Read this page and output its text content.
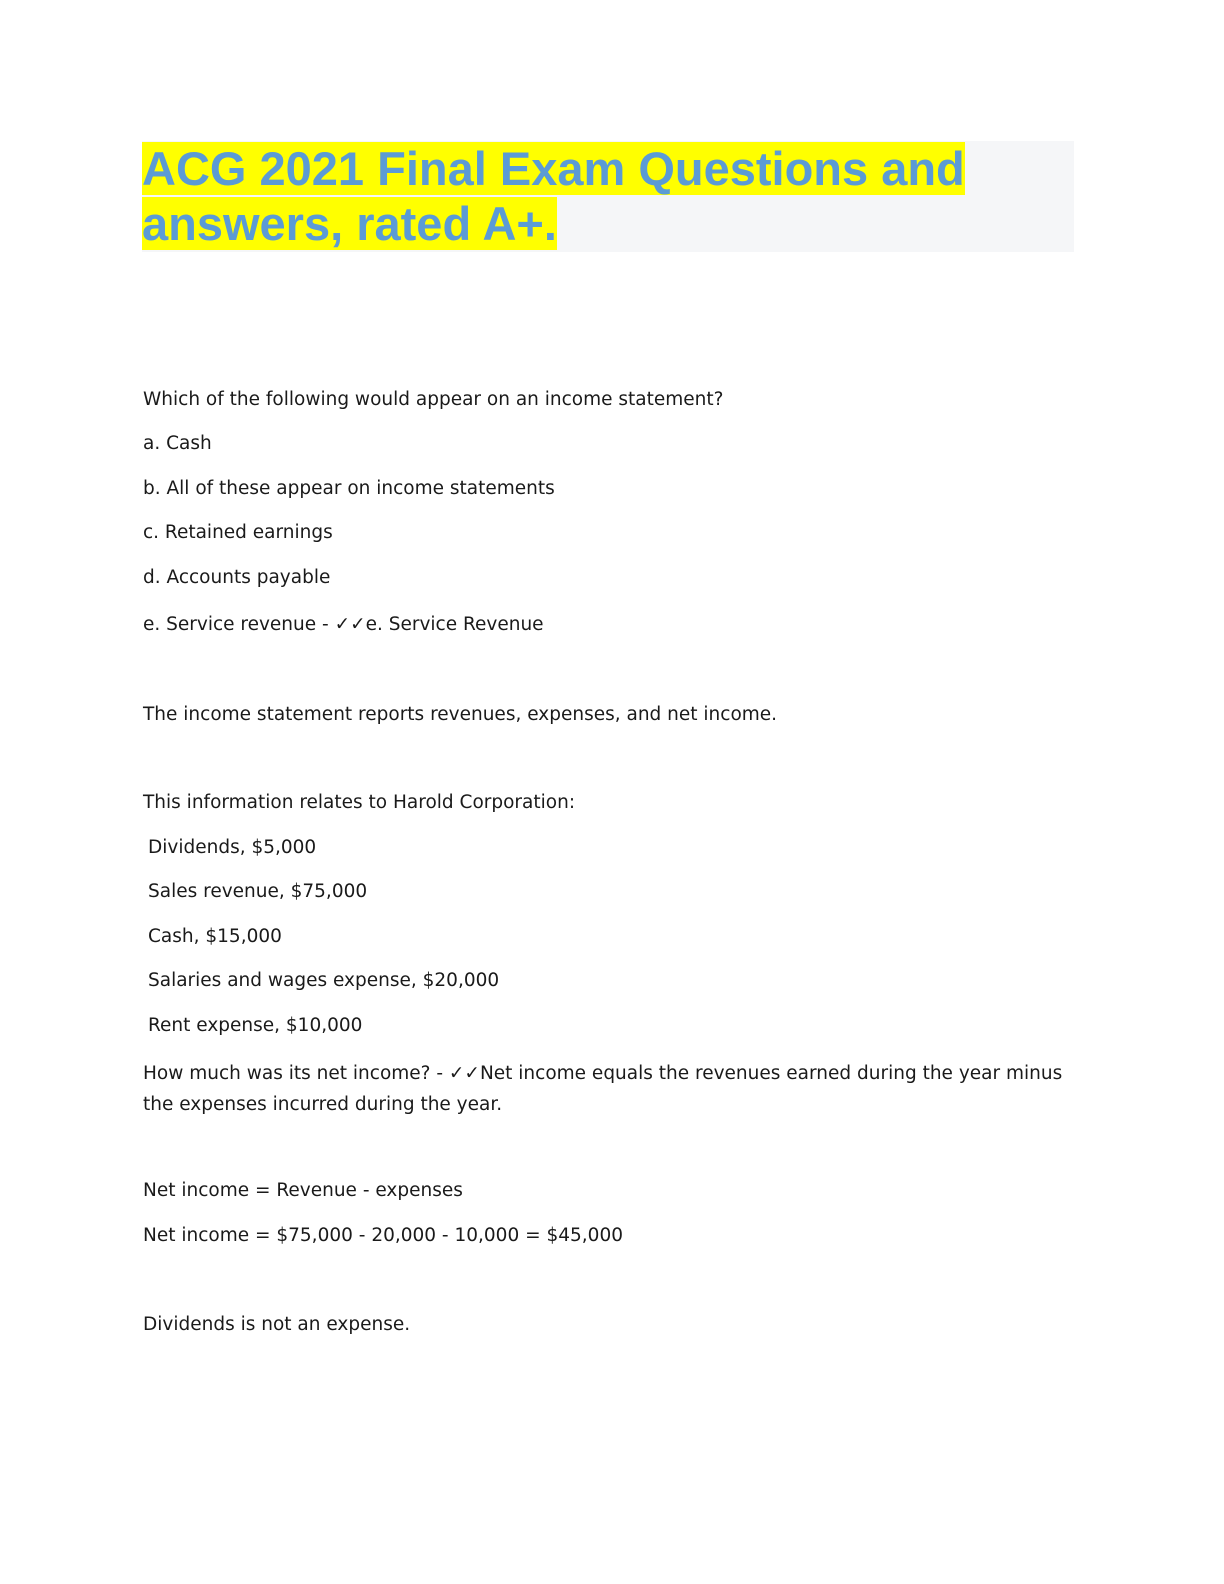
ACG 2021 Final Exam Questions and
answers, rated A+.

Which of the following would appear on an income statement?

a. Cash

b. All of these appear on income statements

c. Retained earnings

d. Accounts payable

e. Service revenue - ✓✓e. Service Revenue

The income statement reports revenues, expenses, and net income.

This information relates to Harold Corporation:

Dividends, $5,000

Sales revenue, $75,000

Cash, $15,000

Salaries and wages expense, $20,000

Rent expense, $10,000

How much was its net income? - ✓✓Net income equals the revenues earned during the year minus the expenses incurred during the year.

Net income = Revenue - expenses

Net income = $75,000 - 20,000 - 10,000 = $45,000

Dividends is not an expense.
